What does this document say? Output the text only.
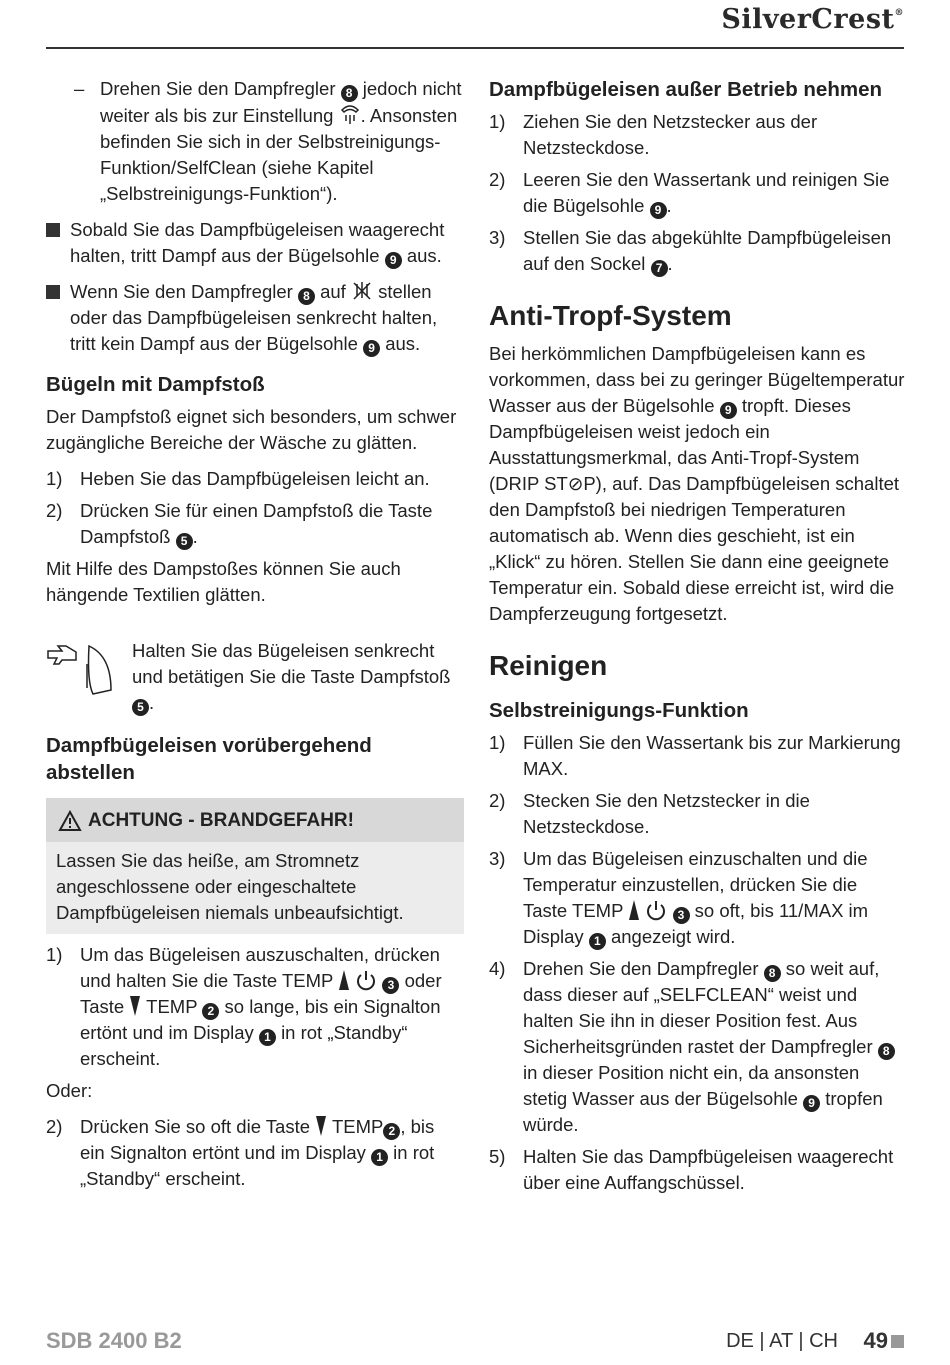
SilverCrest®
– Drehen Sie den Dampfregler 8 jedoch nicht weiter als bis zur Einstellung . Ansonsten befinden Sie sich in der Selbstreinigungs-Funktion/SelfClean (siehe Kapitel „Selbstreinigungs-Funktion“).
Sobald Sie das Dampfbügeleisen waagerecht halten, tritt Dampf aus der Bügelsohle 9 aus.
Wenn Sie den Dampfregler 8 auf stellen oder das Dampfbügeleisen senkrecht halten, tritt kein Dampf aus der Bügelsohle 9 aus.
Bügeln mit Dampfstoß

Der Dampfstoß eignet sich besonders, um schwer zugängliche Bereiche der Wäsche zu glätten.

1) Heben Sie das Dampfbügeleisen leicht an.
2) Drücken Sie für einen Dampfstoß die Taste Dampfstoß 5 .

Mit Hilfe des Dampstoßes können Sie auch hängende Textilien glätten.

Halten Sie das Bügeleisen senkrecht und betätigen Sie die Taste Dampfstoß 5 .
Dampfbügeleisen vorübergehend abstellen
ACHTUNG - BRANDGEFAHR!
Lassen Sie das heiße, am Stromnetz angeschlossene oder eingeschaltete Dampfbügeleisen niemals unbeaufsichtigt.
1) Um das Bügeleisen auszuschalten, drücken und halten Sie die Taste TEMP	3 oder Taste TEMP 2 so lange, bis ein Signalton ertönt und im Display 1 in rot „Standby“ erscheint.

Oder:

2) Drücken Sie so oft die Taste TEMP 2 , bis ein Signalton ertönt und im Display 1 in rot „Standby“ erscheint.
Dampfbügeleisen außer Betrieb nehmen
1) Ziehen Sie den Netzstecker aus der Netzsteckdose.
2) Leeren Sie den Wassertank und reinigen Sie die Bügelsohle 9 .
3) Stellen Sie das abgekühlte Dampfbügeleisen auf den Sockel 7 .
Anti-Tropf-System

Bei herkömmlichen Dampfbügeleisen kann es vorkommen, dass bei zu geringer Bügeltemperatur Wasser aus der Bügelsohle 9 tropft. Dieses Dampfbügeleisen weist jedoch ein Ausstattungsmerkmal, das Anti-Tropf-System (DRIP ST⊘P), auf. Das Dampfbügeleisen schaltet den Dampfstoß bei niedrigen Temperaturen automatisch ab. Wenn dies geschieht, ist ein „Klick“ zu hören. Stellen Sie dann eine geeignete Temperatur ein. Sobald diese erreicht ist, wird die Dampferzeugung fortgesetzt.

Reinigen
Selbstreinigungs-Funktion
1) Füllen Sie den Wassertank bis zur Markierung MAX.
2) Stecken Sie den Netzstecker in die Netzsteckdose.
3) Um das Bügeleisen einzuschalten und die Temperatur einzustellen, drücken Sie die Taste TEMP	3 so oft, bis 11/MAX im Display 1 angezeigt wird.
4) Drehen Sie den Dampfregler 8 so weit auf, dass dieser auf „SELFCLEAN“ weist und halten Sie ihn in dieser Position fest. Aus Sicherheitsgründen rastet der Dampfregler 8 in dieser Position nicht ein, da ansonsten stetig Wasser aus der Bügelsohle 9 tropfen würde.
5) Halten Sie das Dampfbügeleisen waagerecht über eine Auffangschüssel.
SDB 2400 B2	DE | AT | CH 49
